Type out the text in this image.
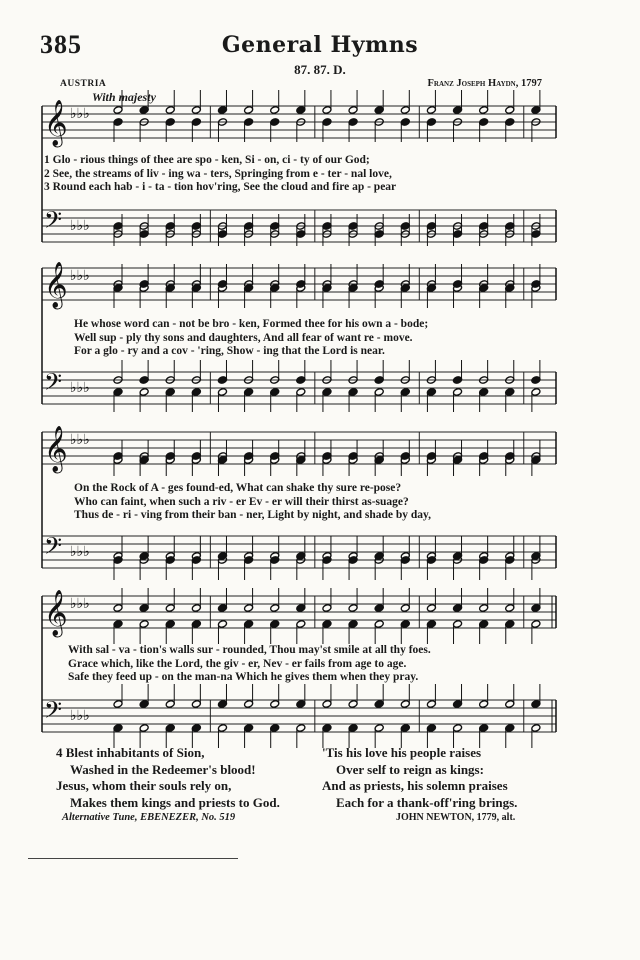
385	General Hymns
87. 87. D.
AUSTRIA	Franz Joseph Haydn, 1797
With majesty
𝄞 ♭♭♭
𝄢 ♭♭♭
𝄞 ♭♭♭
𝄢 ♭♭♭
𝄞 ♭♭♭
𝄢 ♭♭♭
𝄞 ♭♭♭
𝄢 ♭♭♭
1 Glo - rious things of thee are spo - ken, Si - on, ci - ty of our God;
2 See, the streams of liv - ing wa - ters, Springing from e - ter - nal love,
3 Round each hab - i - ta - tion hov'ring, See the cloud and fire ap - pear
He whose word can - not be bro - ken, Formed thee for his own a - bode;
Well sup - ply thy sons and daughters, And all fear of want re - move.
For a glo - ry and a cov - 'ring, Show - ing that the Lord is near.
On the Rock of A - ges found-ed, What can shake thy sure re-pose?
Who can faint, when such a riv - er Ev - er will their thirst as-suage?
Thus de - ri - ving from their ban - ner, Light by night, and shade by day,
With sal - va - tion's walls sur - rounded, Thou may'st smile at all thy foes.
Grace which, like the Lord, the giv - er, Nev - er fails from age to age.
Safe they feed up - on the man-na Which he gives them when they pray.
4 Blest inhabitants of Sion,
Washed in the Redeemer's blood!
Jesus, whom their souls rely on,
Makes them kings and priests to God.
'Tis his love his people raises
Over self to reign as kings:
And as priests, his solemn praises
Each for a thank-off'ring brings.
Alternative Tune, EBENEZER, No. 519	JOHN NEWTON, 1779, alt.
